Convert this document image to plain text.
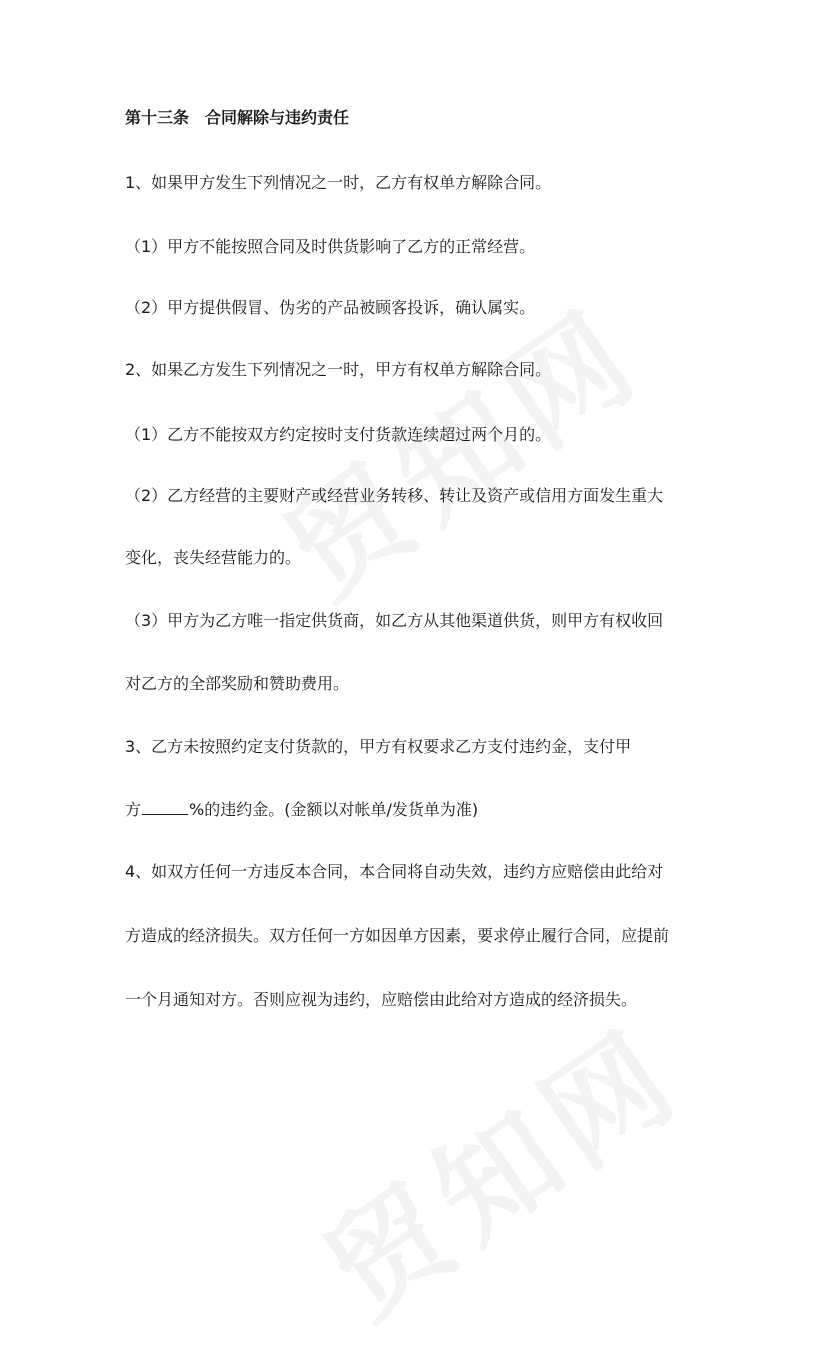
第十三条 合同解除与违约责任
1、如果甲方发生下列情况之一时，乙方有权单方解除合同。
（1）甲方不能按照合同及时供货影响了乙方的正常经营。
（2）甲方提供假冒、伪劣的产品被顾客投诉，确认属实。
2、如果乙方发生下列情况之一时，甲方有权单方解除合同。
（1）乙方不能按双方约定按时支付货款连续超过两个月的。
（2）乙方经营的主要财产或经营业务转移、转让及资产或信用方面发生重大
变化，丧失经营能力的。
（3）甲方为乙方唯一指定供货商，如乙方从其他渠道供货，则甲方有权收回
对乙方的全部奖励和赞助费用。
3、乙方未按照约定支付货款的，甲方有权要求乙方支付违约金，支付甲
方	%的违约金。(金额以对帐单/发货单为准)
4、如双方任何一方违反本合同，本合同将自动失效，违约方应赔偿由此给对
方造成的经济损失。双方任何一方如因单方因素，要求停止履行合同，应提前
一个月通知对方。否则应视为违约，应赔偿由此给对方造成的经济损失。
